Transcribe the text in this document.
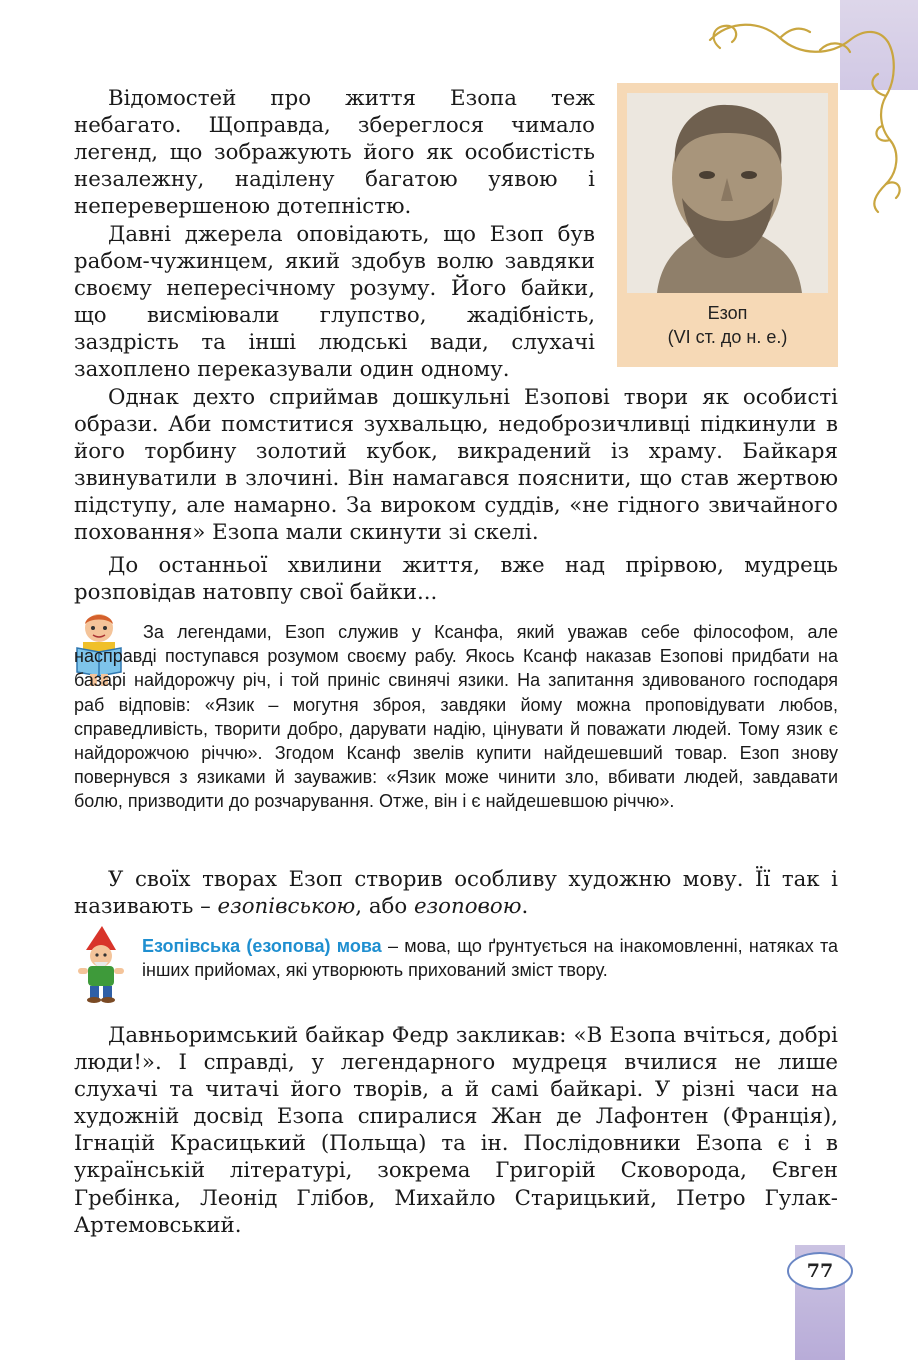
Езоп
(VI ст. до н. е.)

Відомостей про життя Езопа теж небагато. Щоправда, збереглося чимало легенд, що зображують його як особистість незалежну, наділену багатою уявою і неперевершеною дотепністю.

Давні джерела оповідають, що Езоп був рабом-чужинцем, який здобув волю завдяки своєму непересічному розуму. Його байки, що висміювали глупство, жадібність, заздрість та інші людські вади, слухачі захоплено переказували один одному.

Однак дехто сприймав дошкульні Езопові твори як особисті образи. Аби помститися зухвальцю, недоброзичливці підкинули в його торбину золотий кубок, викрадений із храму. Байкаря звинуватили в злочині. Він намагався пояснити, що став жертвою підступу, але намарно. За вироком суддів, «не гідного звичайного поховання» Езопа мали скинути зі скелі.

До останньої хвилини життя, вже над прірвою, мудрець розповідав натовпу свої байки...

За легендами, Езоп служив у Ксанфа, який уважав себе філософом, але насправді поступався розумом своєму рабу. Якось Ксанф наказав Езопові придбати на базарі найдорожчу річ, і той приніс свинячі язики. На запитання здивованого господаря раб відповів: «Язик – могутня зброя, завдяки йому можна проповідувати любов, справедливість, творити добро, дарувати надію, цінувати й поважати людей. Тому язик є найдорожчою річчю». Згодом Ксанф звелів купити найдешевший товар. Езоп знову повернувся з язиками й зауважив: «Язик може чинити зло, вбивати людей, завдавати болю, призводити до розчарування. Отже, він і є найдешевшою річчю».

У своїх творах Езоп створив особливу художню мову. Її так і називають – езопівською, або езоповою.

Езопівська (езопова) мова – мова, що ґрунтується на інакомовленні, натяках та інших прийомах, які утворюють прихований зміст твору.

Давньоримський байкар Федр закликав: «В Езопа вчіться, добрі люди!». І справді, у легендарного мудреця вчилися не лише слухачі та читачі його творів, а й самі байкарі. У різні часи на художній досвід Езопа спиралися Жан де Лафонтен (Франція), Ігнацій Красицький (Польща) та ін. Послідовники Езопа є і в українській літературі, зокрема Григорій Сковорода, Євген Гребінка, Леонід Глібов, Михайло Старицький, Петро Гулак-Артемовський.

77
